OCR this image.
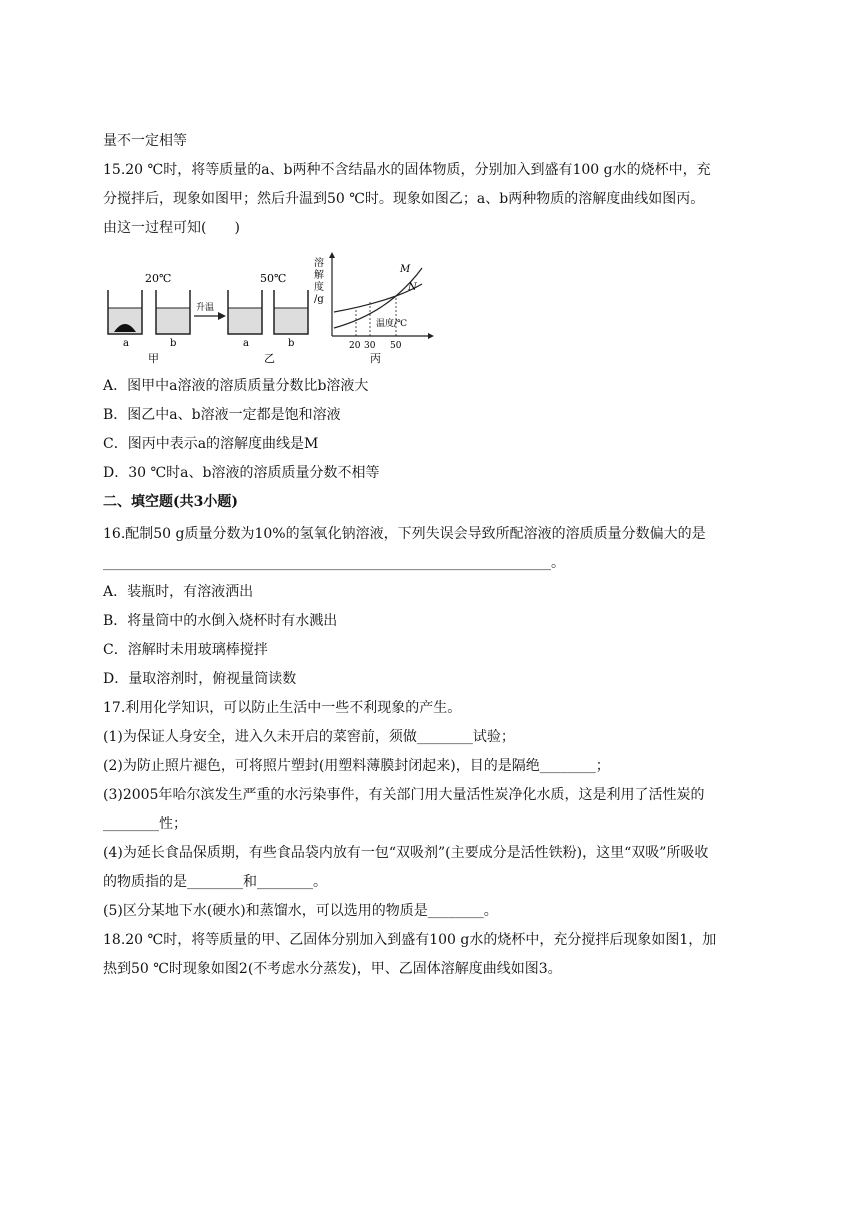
量不一定相等
15.20 ℃时，将等质量的a、b两种不含结晶水的固体物质，分别加入到盛有100 g水的烧杯中，充
分搅拌后，现象如图甲；然后升温到50 ℃时。现象如图乙；a、b两种物质的溶解度曲线如图丙。
由这一过程可知(　　)
20℃
a	b
甲
升温
50℃
a	b
乙
溶
解
度
/g
M
N
温度/℃
20 30 50
丙
A．图甲中a溶液的溶质质量分数比b溶液大
B．图乙中a、b溶液一定都是饱和溶液
C．图丙中表示a的溶解度曲线是M
D．30 ℃时a、b溶液的溶质质量分数不相等
二、填空题(共3小题)
16.配制50 g质量分数为10%的氢氧化钠溶液，下列失误会导致所配溶液的溶质质量分数偏大的是
________________________________________________________________。
A．装瓶时，有溶液洒出
B．将量筒中的水倒入烧杯时有水溅出
C．溶解时未用玻璃棒搅拌
D．量取溶剂时，俯视量筒读数
17.利用化学知识，可以防止生活中一些不利现象的产生。
(1)为保证人身安全，进入久未开启的菜窖前，须做________试验；
(2)为防止照片褪色，可将照片塑封(用塑料薄膜封闭起来)，目的是隔绝________；
(3)2005年哈尔滨发生严重的水污染事件，有关部门用大量活性炭净化水质，这是利用了活性炭的
________性；
(4)为延长食品保质期，有些食品袋内放有一包“双吸剂”(主要成分是活性铁粉)，这里“双吸”所吸收
的物质指的是________和________。
(5)区分某地下水(硬水)和蒸馏水，可以选用的物质是________。
18.20 ℃时，将等质量的甲、乙固体分别加入到盛有100 g水的烧杯中，充分搅拌后现象如图1，加
热到50 ℃时现象如图2(不考虑水分蒸发)，甲、乙固体溶解度曲线如图3。
